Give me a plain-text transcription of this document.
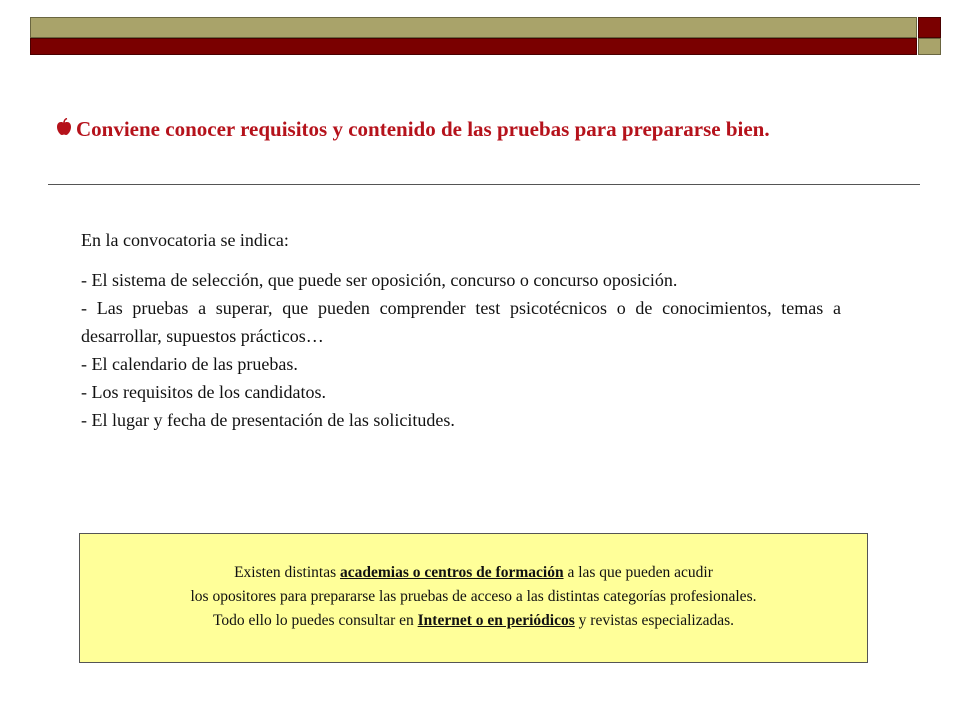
Conviene conocer requisitos y contenido de las pruebas para prepararse bien.

En la convocatoria se indica:

- El sistema de selección, que puede ser oposición, concurso o concurso oposición.

- Las pruebas a superar, que pueden comprender test psicotécnicos o de conocimientos, temas a desarrollar, supuestos prácticos…

- El calendario de las pruebas.

- Los requisitos de los candidatos.

- El lugar y fecha de presentación de las solicitudes.

Existen distintas academias o centros de formación a las que pueden acudir

los opositores para prepararse las pruebas de acceso a las distintas categorías profesionales.

Todo ello lo puedes consultar en Internet o en periódicos y revistas especializadas.
